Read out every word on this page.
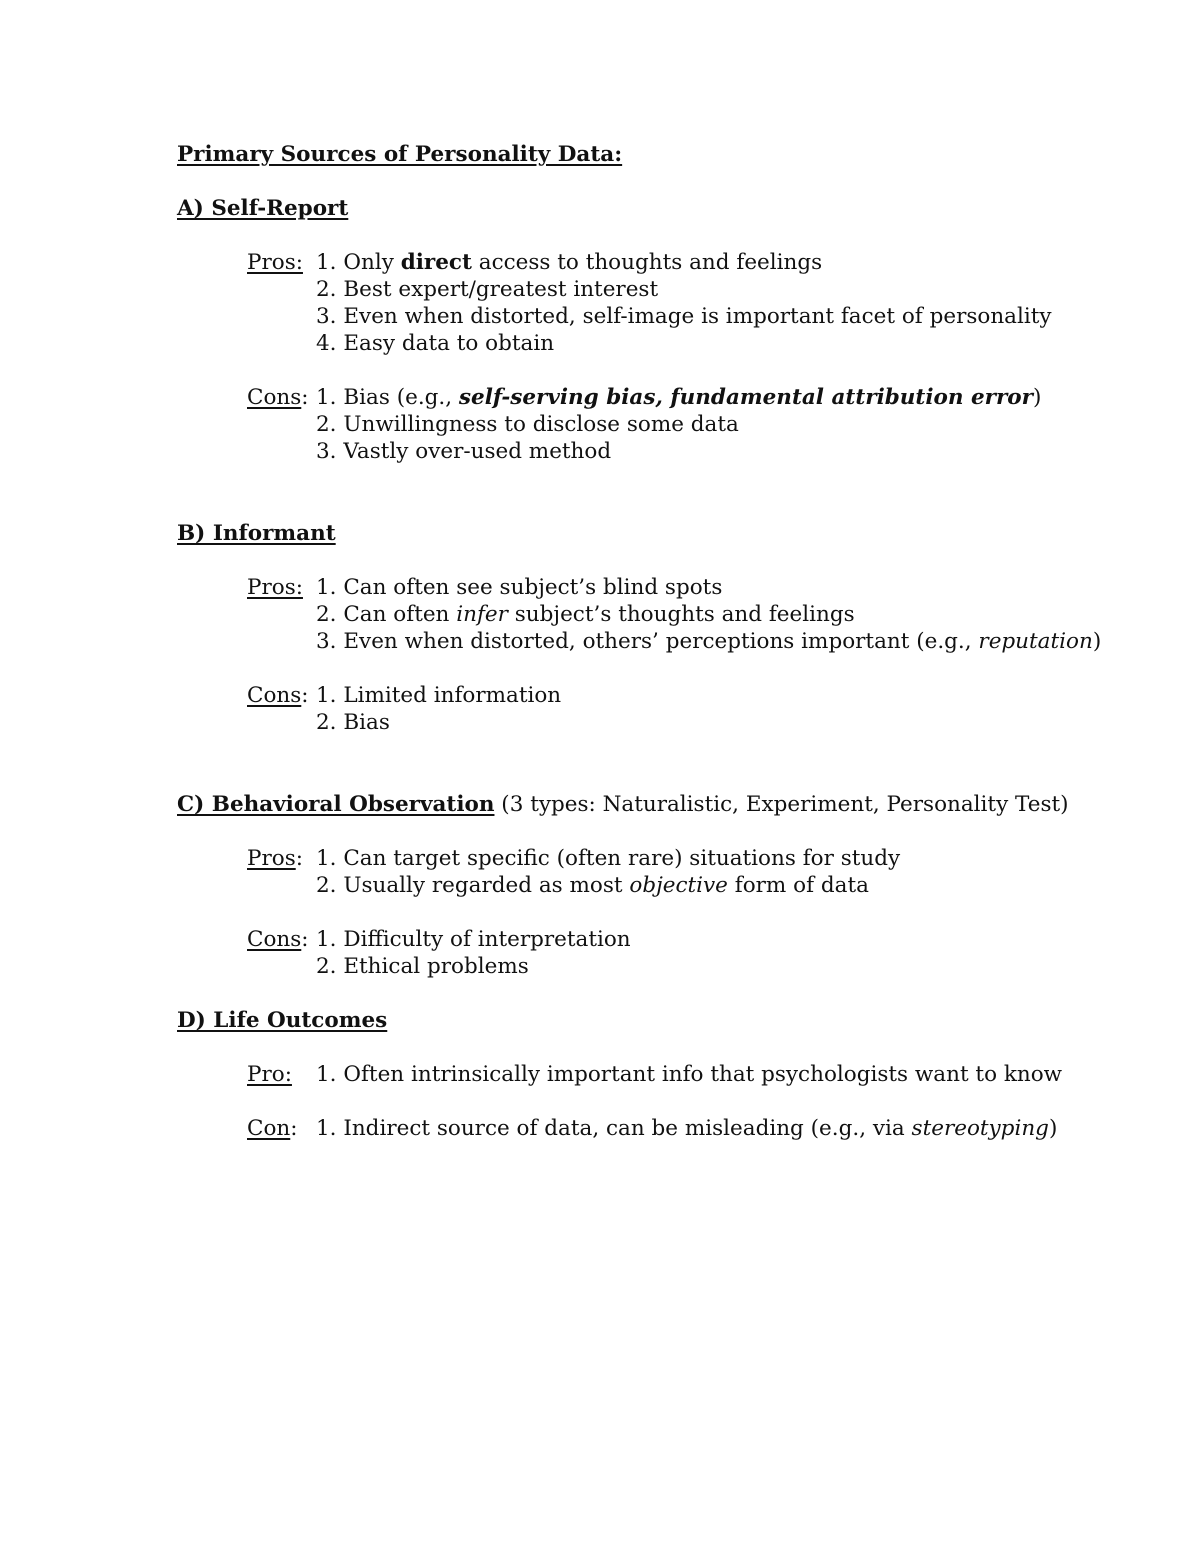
Primary Sources of Personality Data:
A) Self-Report
Pros: 1. Only direct access to thoughts and feelings
2. Best expert/greatest interest
3. Even when distorted, self-image is important facet of personality
4. Easy data to obtain
Cons: 1. Bias (e.g., self-serving bias, fundamental attribution error)
2. Unwillingness to disclose some data
3. Vastly over-used method
B) Informant
Pros: 1. Can often see subject’s blind spots
2. Can often infer subject’s thoughts and feelings
3. Even when distorted, others’ perceptions important (e.g., reputation)
Cons: 1. Limited information
2. Bias
C) Behavioral Observation (3 types: Naturalistic, Experiment, Personality Test)
Pros: 1. Can target specific (often rare) situations for study
2. Usually regarded as most objective form of data
Cons: 1. Difficulty of interpretation
2. Ethical problems
D) Life Outcomes
Pro: 1. Often intrinsically important info that psychologists want to know
Con: 1. Indirect source of data, can be misleading (e.g., via stereotyping)
